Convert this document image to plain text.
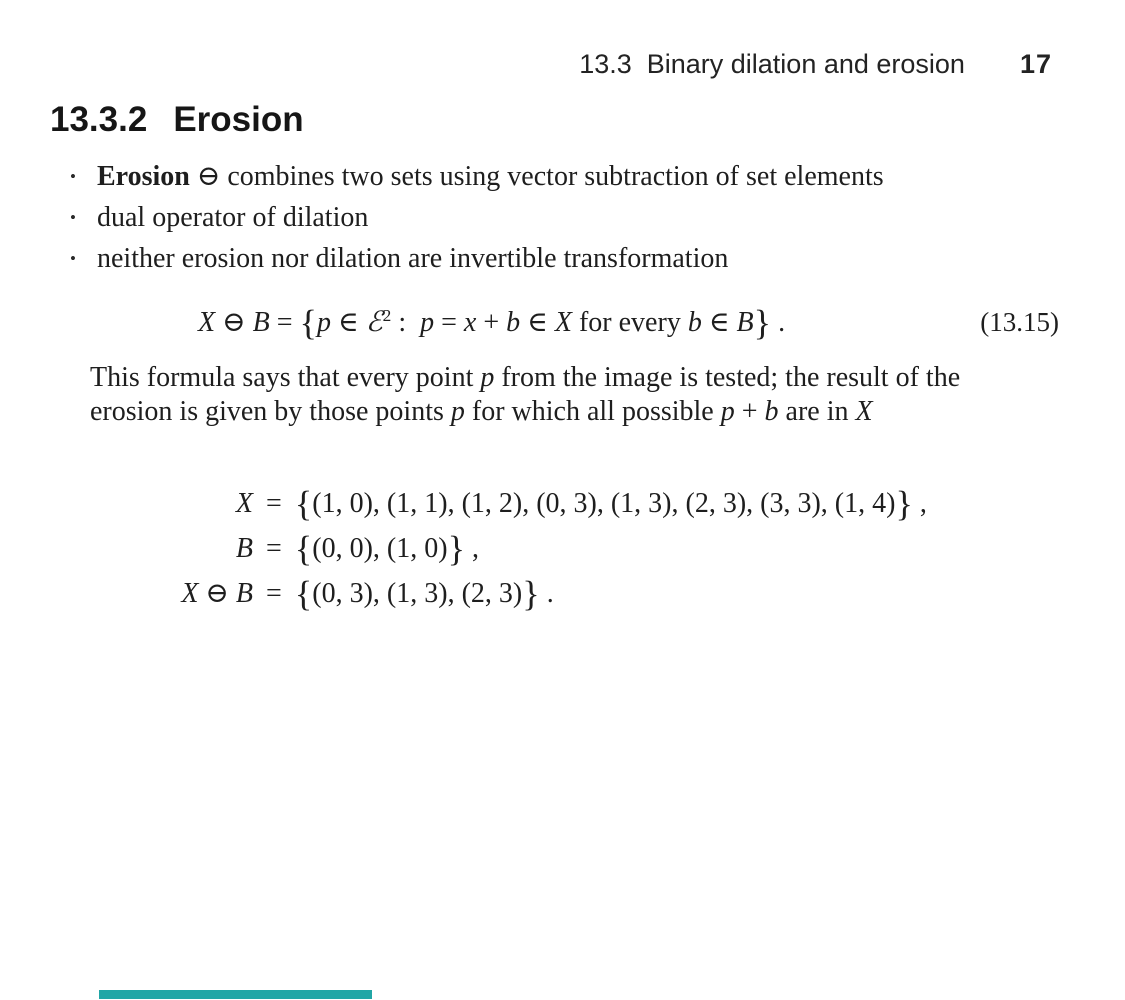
13.3  Binary dilation and erosion 17
13.3.2 Erosion
• Erosion ⊖ combines two sets using vector subtraction of set elements
• dual operator of dilation
• neither erosion nor dilation are invertible transformation
X ⊖ B = {p ∈ ℰ$^2$ :  p = x + b ∈ X for every b ∈ B} .	(13.15)
This formula says that every point p from the image is tested; the result of the
erosion is given by those points p for which all possible p + b are in X
X = {(1, 0), (1, 1), (1, 2), (0, 3), (1, 3), (2, 3), (3, 3), (1, 4)} ,
B = {(0, 0), (1, 0)} ,
X ⊖ B = {(0, 3), (1, 3), (2, 3)} .
